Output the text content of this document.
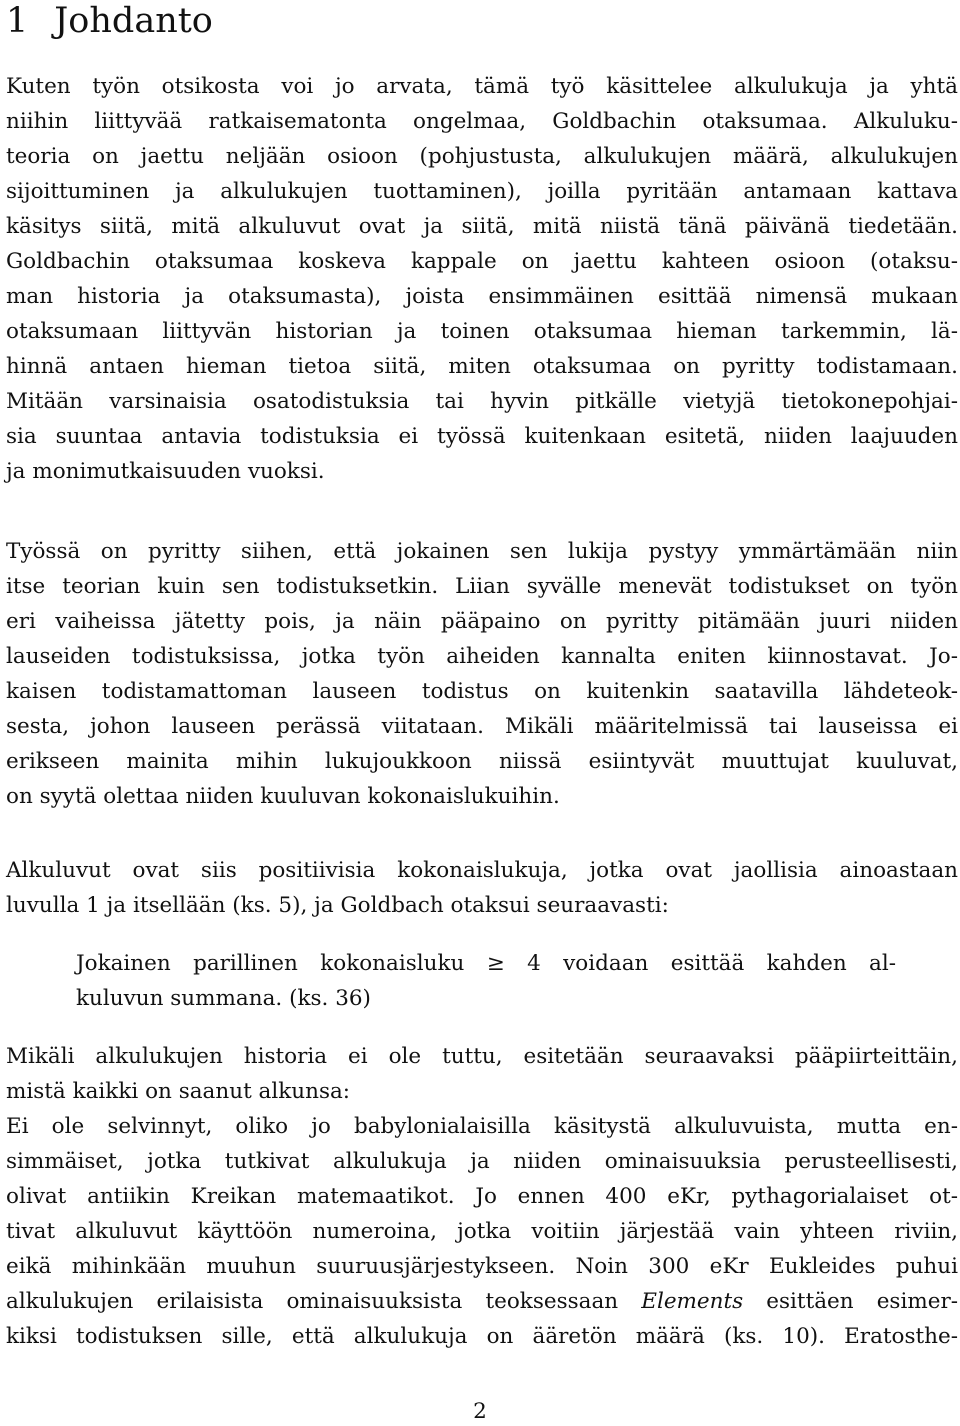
1 Johdanto
Kuten työn otsikosta voi jo arvata, tämä työ käsittelee alkulukuja ja yhtä
niihin liittyvää ratkaisematonta ongelmaa, Goldbachin otaksumaa. Alkuluku-
teoria on jaettu neljään osioon (pohjustusta, alkulukujen määrä, alkulukujen
sijoittuminen ja alkulukujen tuottaminen), joilla pyritään antamaan kattava
käsitys siitä, mitä alkuluvut ovat ja siitä, mitä niistä tänä päivänä tiedetään.
Goldbachin otaksumaa koskeva kappale on jaettu kahteen osioon (otaksu-
man historia ja otaksumasta), joista ensimmäinen esittää nimensä mukaan
otaksumaan liittyvän historian ja toinen otaksumaa hieman tarkemmin, lä-
hinnä antaen hieman tietoa siitä, miten otaksumaa on pyritty todistamaan.
Mitään varsinaisia osatodistuksia tai hyvin pitkälle vietyjä tietokonepohjai-
sia suuntaa antavia todistuksia ei työssä kuitenkaan esitetä, niiden laajuuden
ja monimutkaisuuden vuoksi.
Työssä on pyritty siihen, että jokainen sen lukija pystyy ymmärtämään niin
itse teorian kuin sen todistuksetkin. Liian syvälle menevät todistukset on työn
eri vaiheissa jätetty pois, ja näin pääpaino on pyritty pitämään juuri niiden
lauseiden todistuksissa, jotka työn aiheiden kannalta eniten kiinnostavat. Jo-
kaisen todistamattoman lauseen todistus on kuitenkin saatavilla lähdeteok-
sesta, johon lauseen perässä viitataan. Mikäli määritelmissä tai lauseissa ei
erikseen mainita mihin lukujoukkoon niissä esiintyvät muuttujat kuuluvat,
on syytä olettaa niiden kuuluvan kokonaislukuihin.
Alkuluvut ovat siis positiivisia kokonaislukuja, jotka ovat jaollisia ainoastaan
luvulla 1 ja itsellään (ks. 5), ja Goldbach otaksui seuraavasti:
Jokainen parillinen kokonaisluku ≥ 4 voidaan esittää kahden al-
kuluvun summana. (ks. 36)
Mikäli alkulukujen historia ei ole tuttu, esitetään seuraavaksi pääpiirteittäin,
mistä kaikki on saanut alkunsa:
Ei ole selvinnyt, oliko jo babylonialaisilla käsitystä alkuluvuista, mutta en-
simmäiset, jotka tutkivat alkulukuja ja niiden ominaisuuksia perusteellisesti,
olivat antiikin Kreikan matemaatikot. Jo ennen 400 eKr, pythagorialaiset ot-
tivat alkuluvut käyttöön numeroina, jotka voitiin järjestää vain yhteen riviin,
eikä mihinkään muuhun suuruusjärjestykseen. Noin 300 eKr Eukleides puhui
alkulukujen erilaisista ominaisuuksista teoksessaan Elements esittäen esimer-
kiksi todistuksen sille, että alkulukuja on ääretön määrä (ks. 10). Eratosthe-
2
